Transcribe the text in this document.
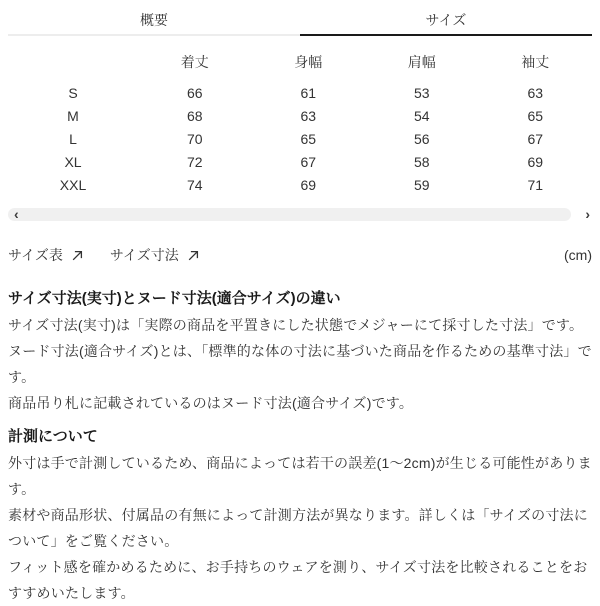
概要	サイズ
	着丈	身幅	肩幅	袖丈
S	66	61	53	63
M	68	63	54	65
L	70	65	56	67
XL	72	67	58	69
XXL	74	69	59	71
‹	›
サイズ表	サイズ寸法	(cm)
サイズ寸法(実寸)とヌード寸法(適合サイズ)の違い

サイズ寸法(実寸)は「実際の商品を平置きにした状態でメジャーにて採寸した寸法」です。

ヌード寸法(適合サイズ)とは、「標準的な体の寸法に基づいた商品を作るための基準寸法」です。

商品吊り札に記載されているのはヌード寸法(適合サイズ)です。

計測について

外寸は手で計測しているため、商品によっては若干の誤差(1〜2cm)が生じる可能性があります。

素材や商品形状、付属品の有無によって計測方法が異なります。詳しくは「サイズの寸法について」をご覧ください。

フィット感を確かめるために、お手持ちのウェアを測り、サイズ寸法を比較されることをおすすめいたします。
